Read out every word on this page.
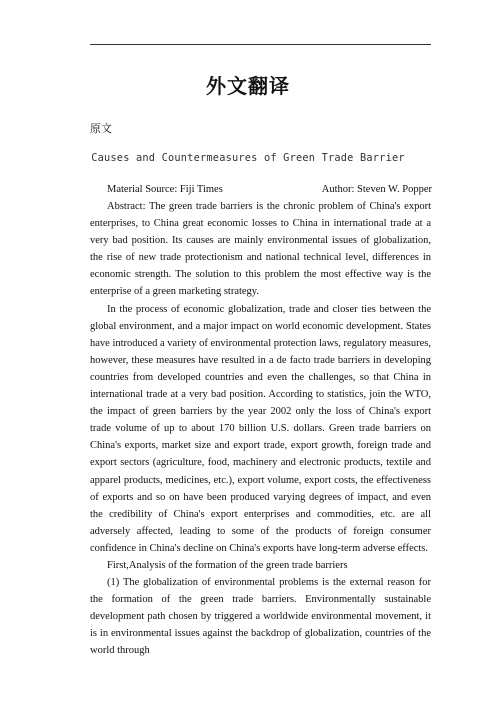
外文翻译
原文
Causes and Countermeasures of Green Trade Barrier
Material Source: Fiji Times	Author: Steven W. Popper

Abstract: The green trade barriers is the chronic problem of China's export enterprises, to China great economic losses to China in international trade at a very bad position. Its causes are mainly environmental issues of globalization, the rise of new trade protectionism and national technical level, differences in economic strength. The solution to this problem the most effective way is the enterprise of a green marketing strategy.

In the process of economic globalization, trade and closer ties between the global environment, and a major impact on world economic development. States have introduced a variety of environmental protection laws, regulatory measures, however, these measures have resulted in a de facto trade barriers in developing countries from developed countries and even the challenges, so that China in international trade at a very bad position. According to statistics, join the WTO, the impact of green barriers by the year 2002 only the loss of China's export trade volume of up to about 170 billion U.S. dollars. Green trade barriers on China's exports, market size and export trade, export growth, foreign trade and export sectors (agriculture, food, machinery and electronic products, textile and apparel products, medicines, etc.), export volume, export costs, the effectiveness of exports and so on have been produced varying degrees of impact, and even the credibility of China's export enterprises and commodities, etc. are all adversely affected, leading to some of the products of foreign consumer confidence in China's decline on China's exports have long-term adverse effects.

First,Analysis of the formation of the green trade barriers

(1) The globalization of environmental problems is the external reason for the formation of the green trade barriers. Environmentally sustainable development path chosen by triggered a worldwide environmental movement, it is in environmental issues against the backdrop of globalization, countries of the world through
